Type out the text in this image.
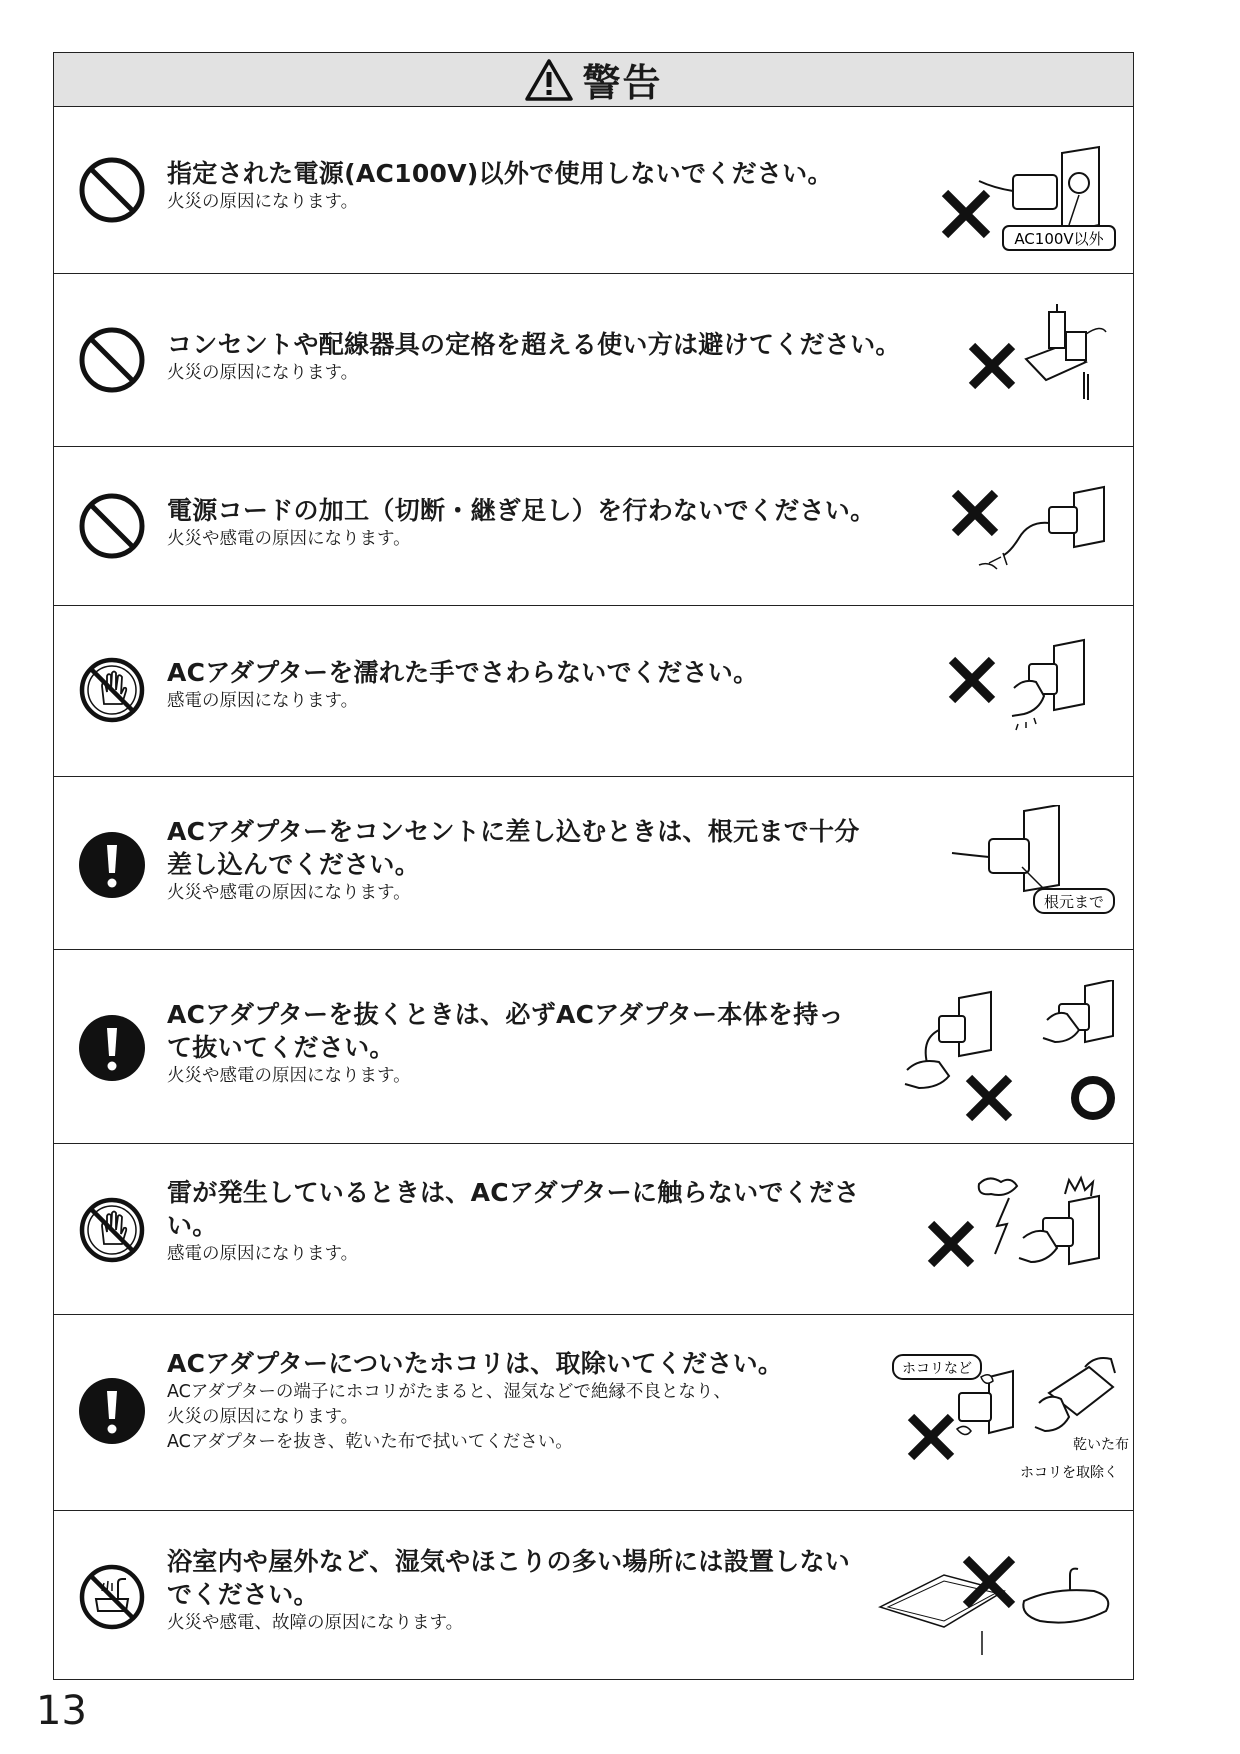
警告
指定された電源(AC100V)以外で使用しないでください。
火災の原因になります。
AC100V以外
コンセントや配線器具の定格を超える使い方は避けてください。
火災の原因になります。
電源コードの加工（切断・継ぎ足し）を行わないでください。
火災や感電の原因になります。
ACアダプターを濡れた手でさわらないでください。
感電の原因になります。
ACアダプターをコンセントに差し込むときは、根元まで十分差し込んでください。
火災や感電の原因になります。	根元まで
ACアダプターを抜くときは、必ずACアダプター本体を持って抜いてください。
火災や感電の原因になります。
雷が発生しているときは、ACアダプターに触らないでください。
感電の原因になります。
ACアダプターについたホコリは、取除いてください。
ACアダプターの端子にホコリがたまると、湿気などで絶縁不良となり、
火災の原因になります。
ACアダプターを抜き、乾いた布で拭いてください。
ホコリなど
乾いた布
ホコリを取除く
浴室内や屋外など、湿気やほこりの多い場所には設置しないでください。
火災や感電、故障の原因になります。
13
